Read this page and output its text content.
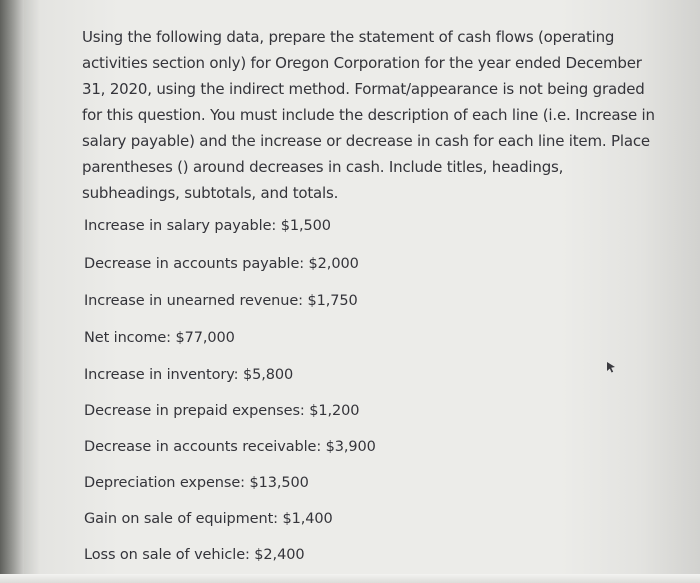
Using the following data, prepare the statement of cash flows (operating activities section only) for Oregon Corporation for the year ended December 31, 2020, using the indirect method. Format/appearance is not being graded for this question. You must include the description of each line (i.e. Increase in salary payable) and the increase or decrease in cash for each line item. Place parentheses () around decreases in cash. Include titles, headings, subheadings, subtotals, and totals.
Increase in salary payable: $1,500
Decrease in accounts payable: $2,000
Increase in unearned revenue: $1,750
Net income: $77,000
Increase in inventory: $5,800
Decrease in prepaid expenses: $1,200
Decrease in accounts receivable: $3,900
Depreciation expense: $13,500
Gain on sale of equipment: $1,400
Loss on sale of vehicle: $2,400
